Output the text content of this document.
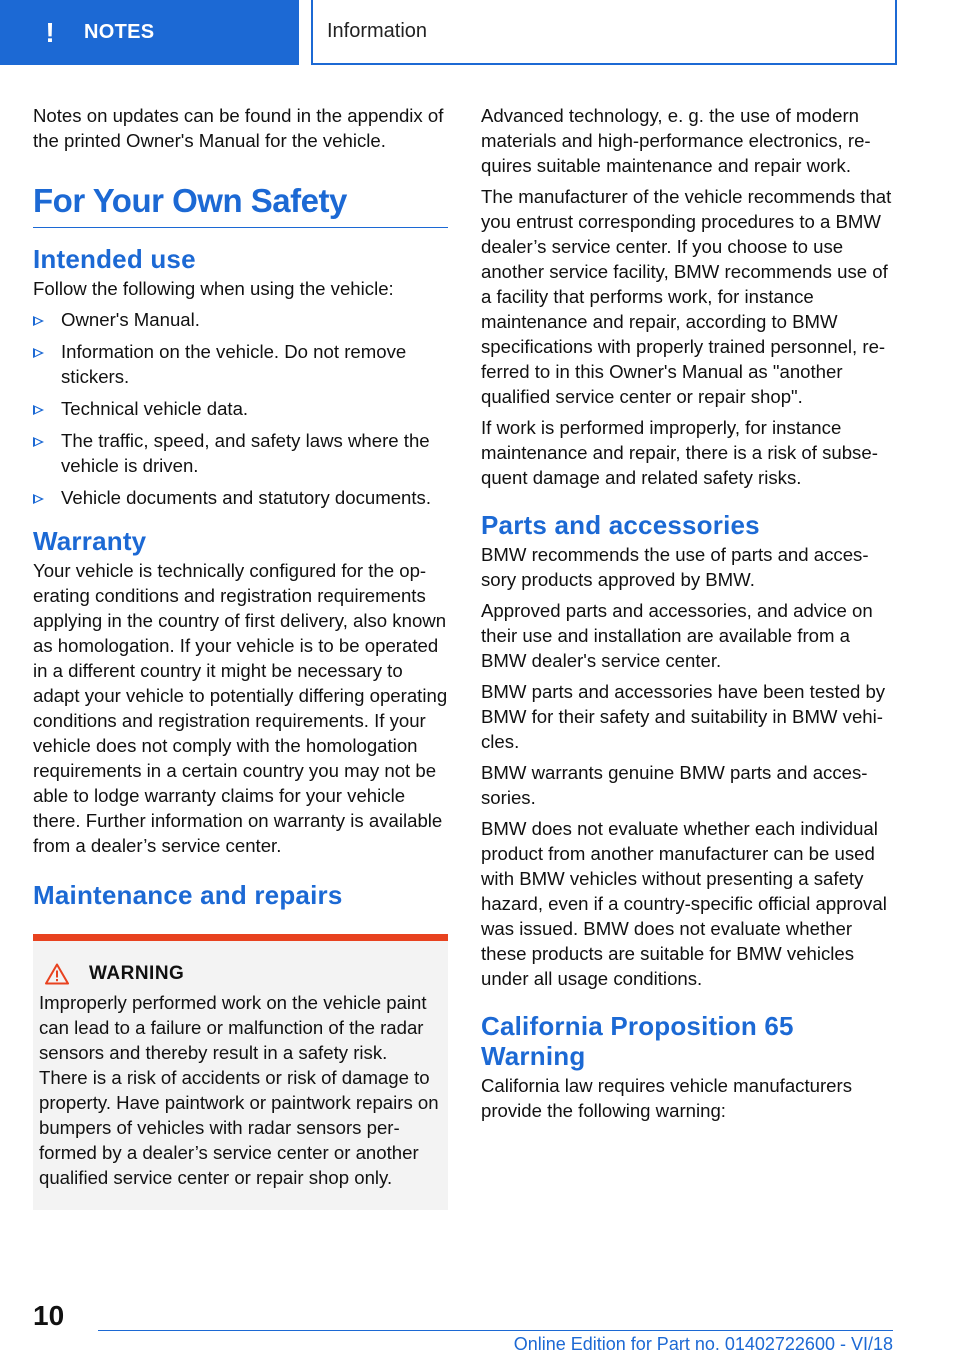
! NOTES	Information

Notes on updates can be found in the appendix of the printed Owner's Manual for the vehicle.

For Your Own Safety
Intended use

Follow the following when using the vehicle:

Owner's Manual.
Information on the vehicle. Do not remove stickers.
Technical vehicle data.
The traffic, speed, and safety laws where the vehicle is driven.
Vehicle documents and statutory documents.
Warranty

Your vehicle is technically configured for the operating conditions and registration requirements applying in the country of first delivery, also known as homologation. If your vehicle is to be operated in a different country it might be necessary to adapt your vehicle to potentially differing operating conditions and registration requirements. If your vehicle does not comply with the homologation requirements in a certain country you may not be able to lodge warranty claims for your vehicle there. Further information on warranty is available from a dealer’s service center.

Maintenance and repairs
WARNING

Improperly performed work on the vehicle paint can lead to a failure or malfunction of the radar sensors and thereby result in a safety risk. There is a risk of accidents or risk of damage to property. Have paintwork or paintwork repairs on bumpers of vehicles with radar sensors performed by a dealer’s service center or another qualified service center or repair shop only.

Advanced technology, e. g. the use of modern materials and high-performance electronics, requires suitable maintenance and repair work.

The manufacturer of the vehicle recommends that you entrust corresponding procedures to a BMW dealer’s service center. If you choose to use another service facility, BMW recommends use of a facility that performs work, for instance maintenance and repair, according to BMW specifications with properly trained personnel, referred to in this Owner's Manual as "another qualified service center or repair shop".

If work is performed improperly, for instance maintenance and repair, there is a risk of subsequent damage and related safety risks.

Parts and accessories

BMW recommends the use of parts and accessory products approved by BMW.

Approved parts and accessories, and advice on their use and installation are available from a BMW dealer's service center.

BMW parts and accessories have been tested by BMW for their safety and suitability in BMW vehicles.

BMW warrants genuine BMW parts and accessories.

BMW does not evaluate whether each individual product from another manufacturer can be used with BMW vehicles without presenting a safety hazard, even if a country-specific official approval was issued. BMW does not evaluate whether these products are suitable for BMW vehicles under all usage conditions.

California Proposition 65 Warning

California law requires vehicle manufacturers provide the following warning:

10
Online Edition for Part no. 01402722600 - VI/18
